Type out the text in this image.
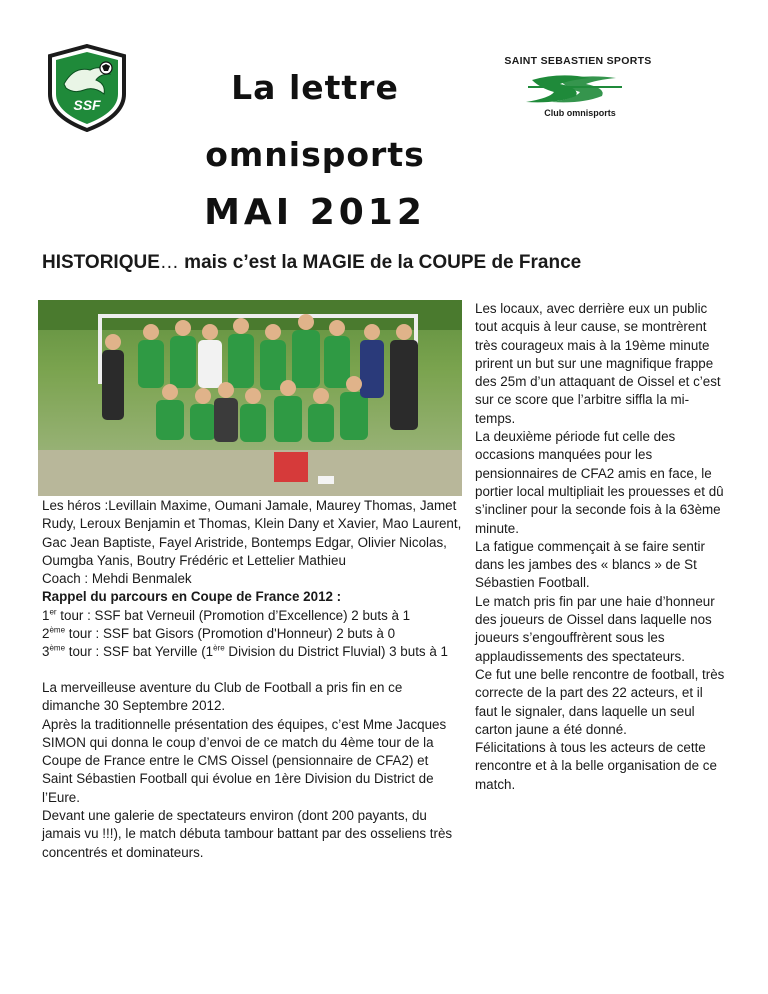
SSF	La lettre
omnisports
MAI 2012
SAINT SEBASTIEN SPORTS
Club omnisports
HISTORIQUE… mais c’est la MAGIE de la COUPE de France

Les héros :Levillain Maxime, Oumani Jamale, Maurey Thomas, Jamet Rudy, Leroux Benjamin et Thomas, Klein Dany et Xavier, Mao Laurent, Gac Jean Baptiste, Fayel Aristride, Bontemps Edgar, Olivier Nicolas, Oumgba Yanis, Boutry Frédéric et Lettelier Mathieu

Coach : Mehdi Benmalek

Rappel du parcours en Coupe de France 2012 :

1er tour : SSF bat Verneuil (Promotion d’Excellence) 2 buts à 1

2ème tour : SSF bat Gisors (Promotion d'Honneur) 2 buts à 0

3ème tour : SSF bat Yerville (1ère Division du District Fluvial) 3 buts à 1

La merveilleuse aventure du Club de Football a pris fin en ce dimanche 30 Septembre 2012.

Après la traditionnelle présentation des équipes, c’est Mme Jacques SIMON qui donna le coup d’envoi de ce match du 4ème tour de la Coupe de France entre le CMS Oissel (pensionnaire de CFA2) et Saint Sébastien Football qui évolue en 1ère Division du District de l’Eure.

Devant une galerie de spectateurs environ (dont 200 payants, du jamais vu !!!), le match débuta tambour battant par des osseliens très concentrés et dominateurs.

Les locaux, avec derrière eux un public tout acquis à leur cause, se montrèrent très courageux mais à la 19ème minute prirent un but sur une magnifique frappe des 25m d’un attaquant de Oissel et c’est sur ce score que l’arbitre siffla la mi-temps.

La deuxième période fut celle des occasions manquées pour les pensionnaires de CFA2 amis en face, le portier local multipliait les prouesses et dû s’incliner pour la seconde fois à la 63ème minute.

La fatigue commençait à se faire sentir dans les jambes des « blancs » de St Sébastien Football.

Le match pris fin par une haie d’honneur des joueurs de Oissel dans laquelle nos joueurs s’engouffrèrent sous les applaudissements des spectateurs.

Ce fut une belle rencontre de football, très correcte de la part des 22 acteurs, et il faut le signaler, dans laquelle un seul carton jaune a été donné.

Félicitations à tous les acteurs de cette rencontre et à la belle organisation de ce match.
